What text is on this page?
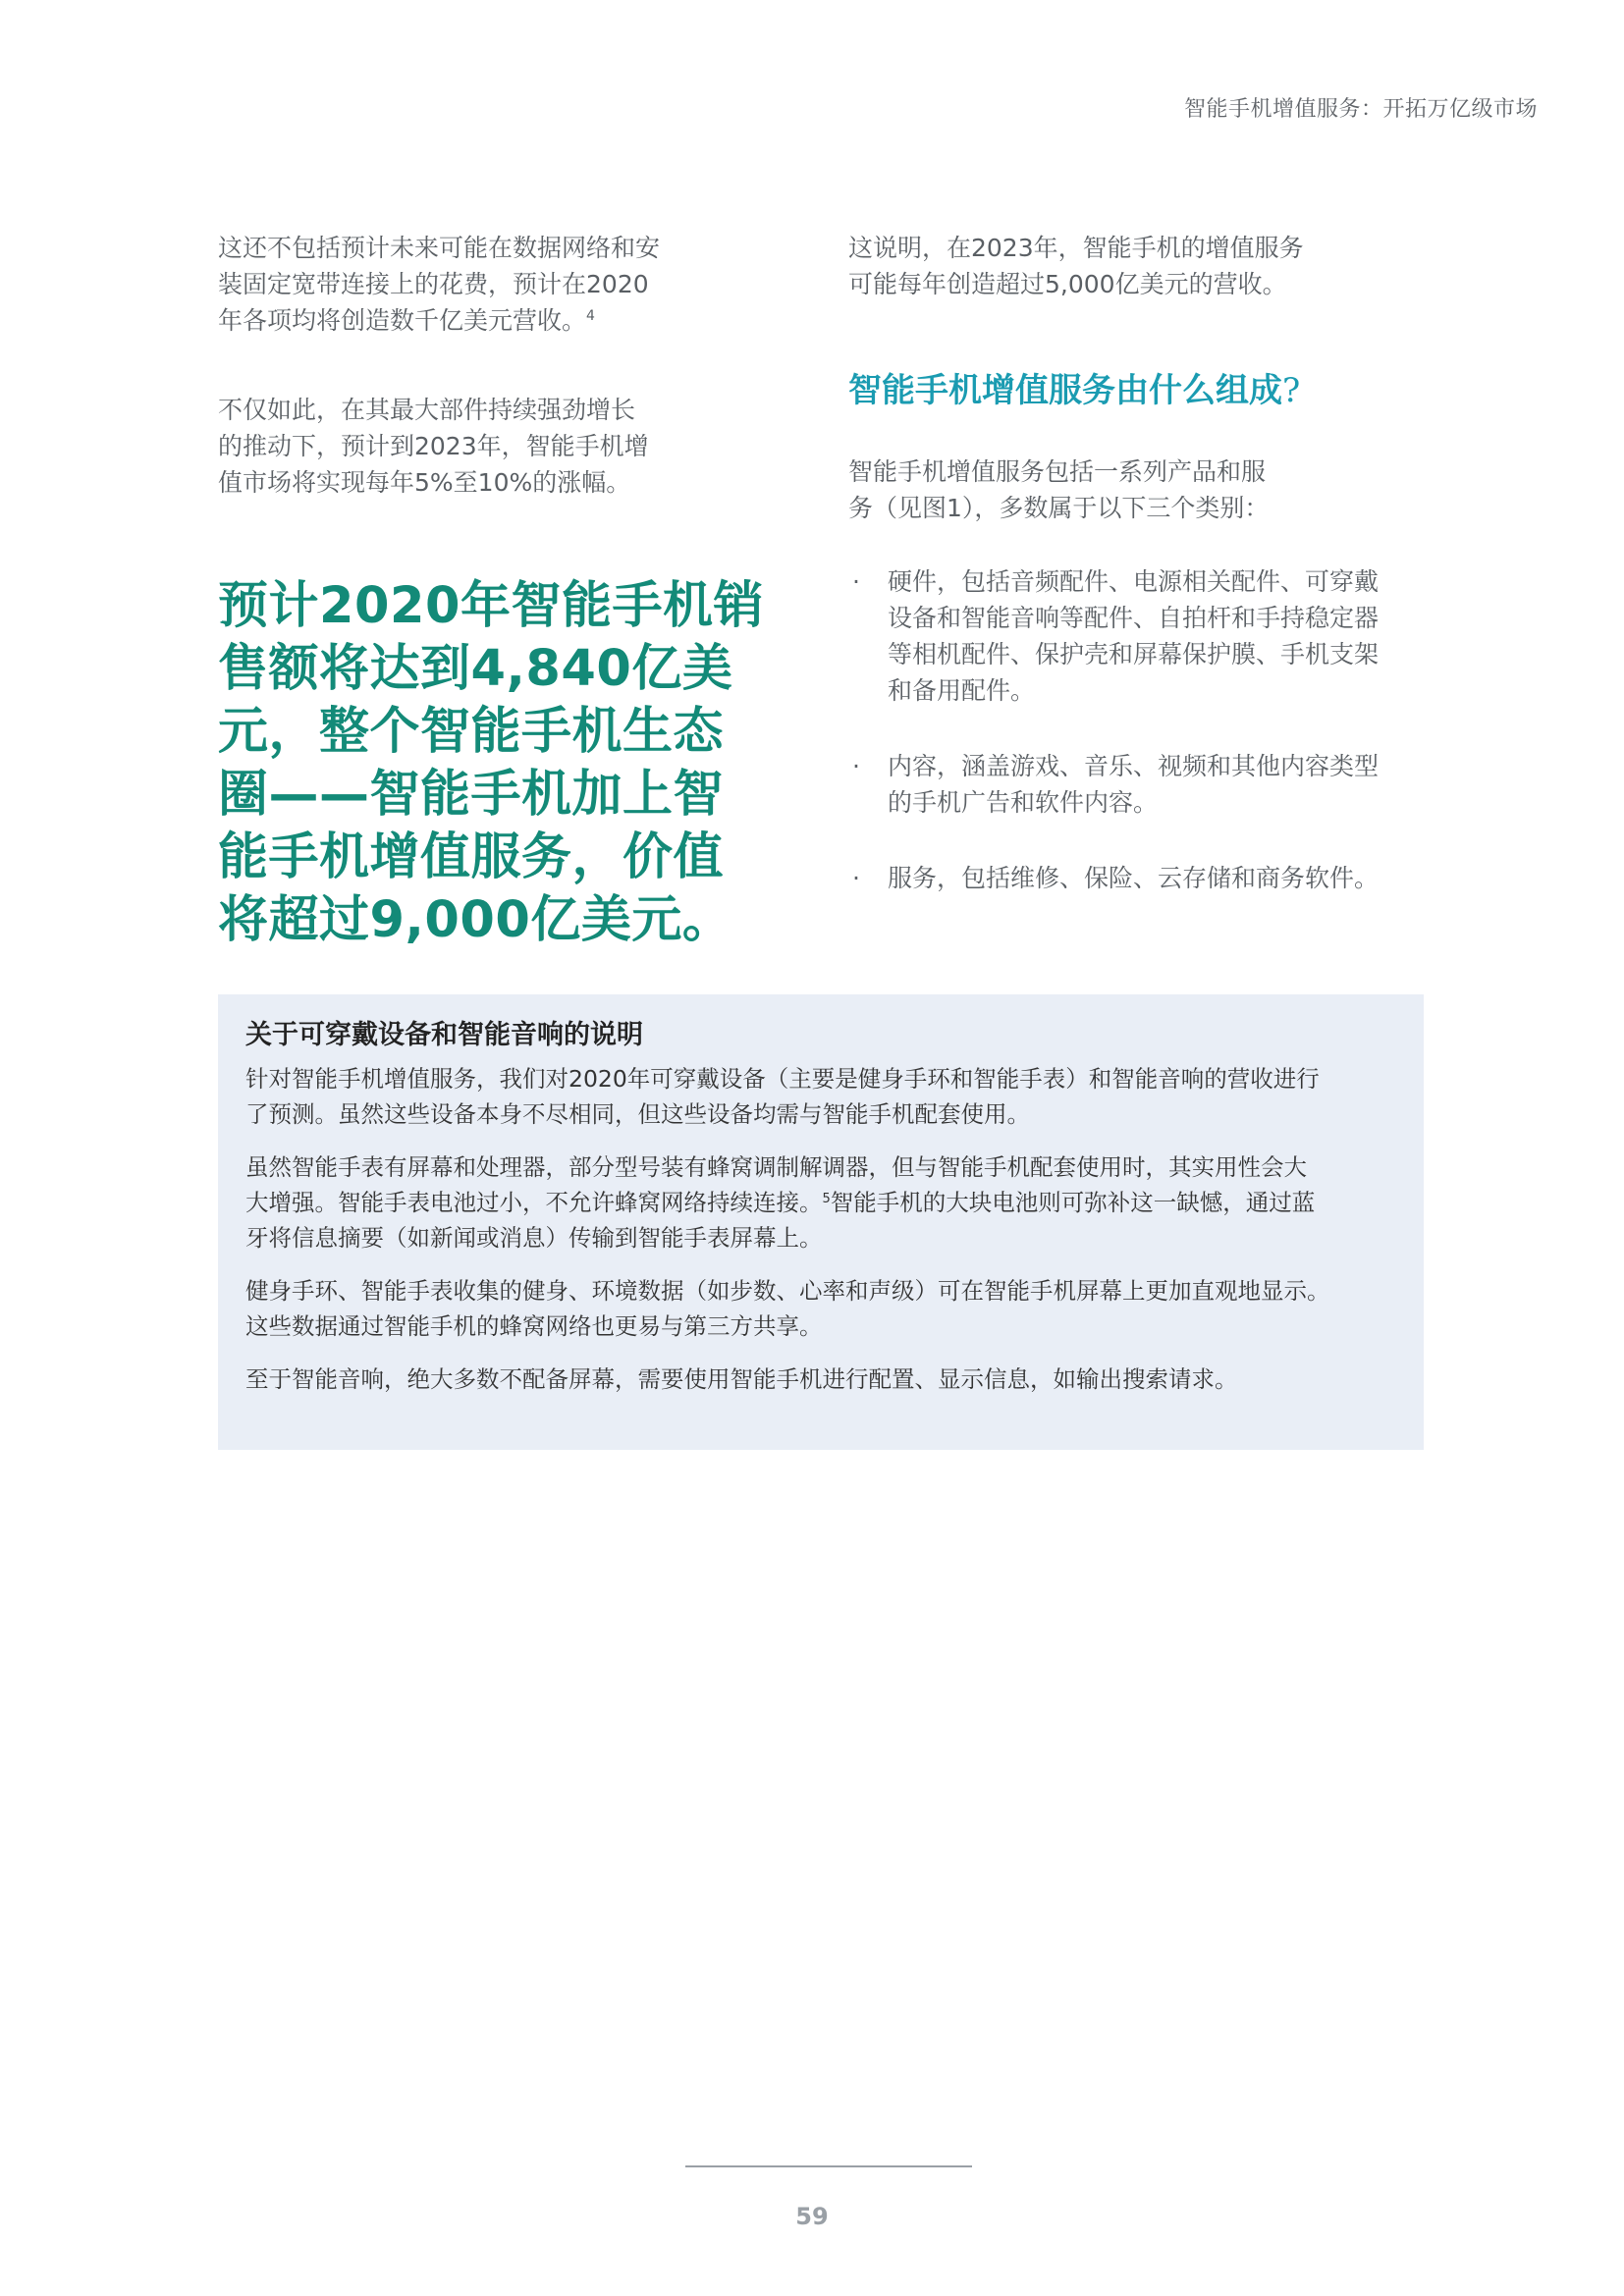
智能手机增值服务：开拓万亿级市场

这还不包括预计未来可能在数据网络和安
装固定宽带连接上的花费，预计在2020
年各项均将创造数千亿美元营收。$^4$

不仅如此，在其最大部件持续强劲增长
的推动下，预计到2023年，智能手机增
值市场将实现每年5%至10%的涨幅。

预计2020年智能手机销
售额将达到4,840亿美
元，整个智能手机生态
圈——智能手机加上智
能手机增值服务，价值
将超过9,000亿美元。

这说明，在2023年，智能手机的增值服务
可能每年创造超过5,000亿美元的营收。

智能手机增值服务由什么组成?

智能手机增值服务包括一系列产品和服
务（见图1），多数属于以下三个类别：

· 硬件，包括音频配件、电源相关配件、可穿戴
设备和智能音响等配件、自拍杆和手持稳定器
等相机配件、保护壳和屏幕保护膜、手机支架
和备用配件。
· 内容，涵盖游戏、音乐、视频和其他内容类型
的手机广告和软件内容。
· 服务，包括维修、保险、云存储和商务软件。

关于可穿戴设备和智能音响的说明

针对智能手机增值服务，我们对2020年可穿戴设备（主要是健身手环和智能手表）和智能音响的营收进行
了预测。虽然这些设备本身不尽相同，但这些设备均需与智能手机配套使用。

虽然智能手表有屏幕和处理器，部分型号装有蜂窝调制解调器，但与智能手机配套使用时，其实用性会大
大增强。智能手表电池过小，不允许蜂窝网络持续连接。$^5$智能手机的大块电池则可弥补这一缺憾，通过蓝
牙将信息摘要（如新闻或消息）传输到智能手表屏幕上。

健身手环、智能手表收集的健身、环境数据（如步数、心率和声级）可在智能手机屏幕上更加直观地显示。
这些数据通过智能手机的蜂窝网络也更易与第三方共享。

至于智能音响，绝大多数不配备屏幕，需要使用智能手机进行配置、显示信息，如输出搜索请求。

59
